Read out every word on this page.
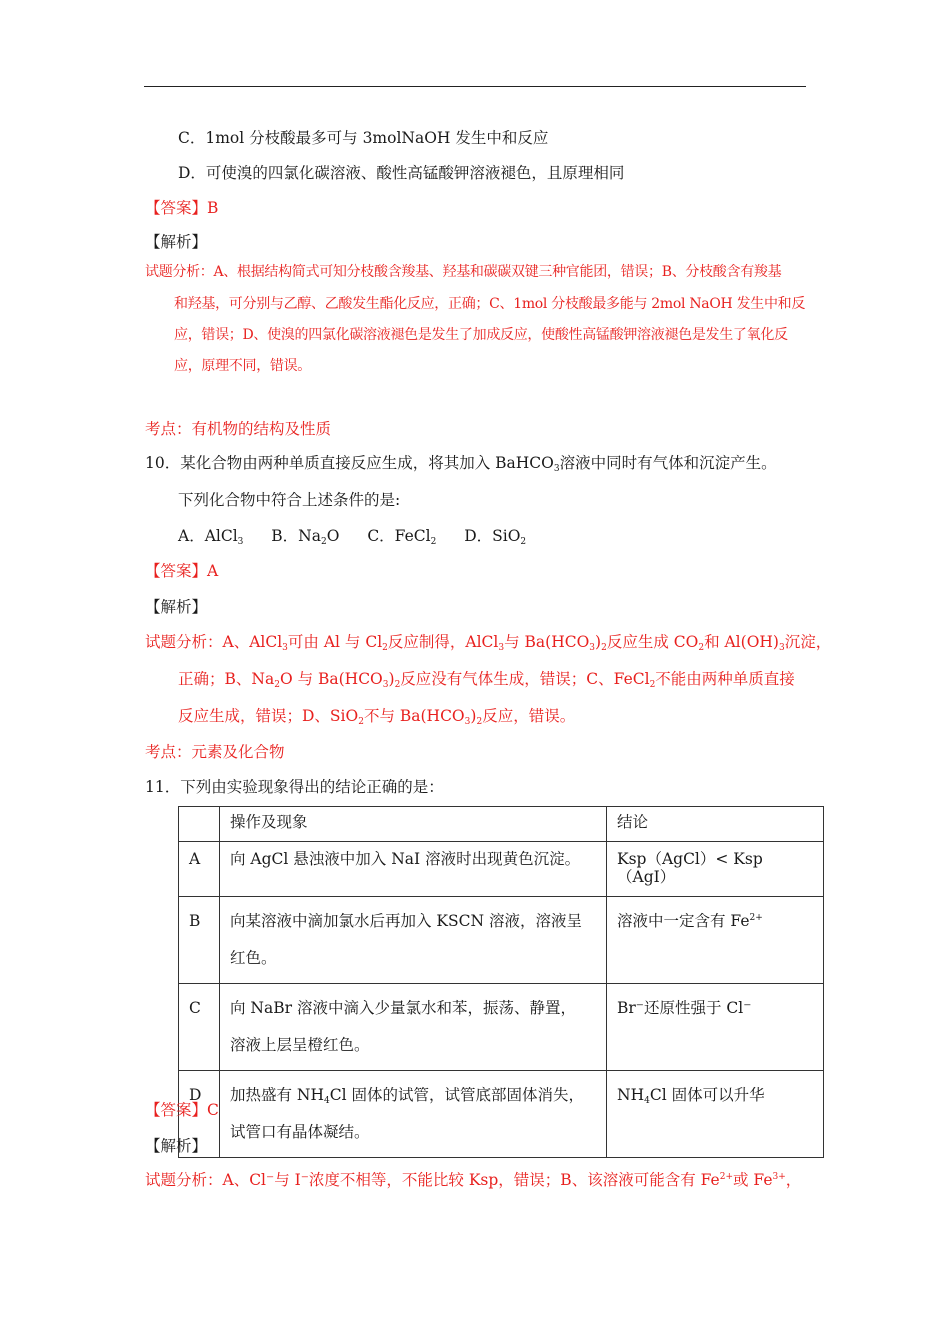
C．1mol 分枝酸最多可与 3molNaOH 发生中和反应
D．可使溴的四氯化碳溶液、酸性高锰酸钾溶液褪色，且原理相同
【答案】B
【解析】
试题分析：A、根据结构简式可知分枝酸含羧基、羟基和碳碳双键三种官能团，错误；B、分枝酸含有羧基
和羟基，可分别与乙醇、乙酸发生酯化反应，正确；C、1mol 分枝酸最多能与 2mol NaOH 发生中和反
应，错误；D、使溴的四氯化碳溶液褪色是发生了加成反应，使酸性高锰酸钾溶液褪色是发生了氧化反
应，原理不同，错误。
考点：有机物的结构及性质
10．某化合物由两种单质直接反应生成，将其加入 BaHCO$_3$溶液中同时有气体和沉淀产生。
下列化合物中符合上述条件的是:
A．AlCl$_3$ B．$Na_2O$ C．FeCl$_2$ D．SiO$_2$
【答案】A
【解析】
试题分析：A、AlCl$_3$可由 Al 与 $Cl_2$反应制得，AlCl$_3$与 $Ba(HCO_3)_2$反应生成 $CO_2$和 $Al(OH)_3$沉淀，
正确；B、$Na_2O$ 与 $Ba(HCO_3)_2$反应没有气体生成，错误；C、FeCl$_2$不能由两种单质直接
反应生成，错误；D、SiO$_2$不与 $Ba(HCO_3)_2$反应，错误。
考点：元素及化合物
11．下列由实验现象得出的结论正确的是：
	操作及现象	结论
A	向 AgCl 悬浊液中加入 NaI 溶液时出现黄色沉淀。	Ksp（AgCl）< Ksp（AgI）
B	向某溶液中滴加氯水后再加入 KSCN 溶液，溶液呈
红色。	溶液中一定含有 $Fe^{2+}$
C	向 NaBr 溶液中滴入少量氯水和苯，振荡、静置，
溶液上层呈橙红色。	Br⁻还原性强于 Cl⁻
D	加热盛有 $NH_4Cl$ 固体的试管，试管底部固体消失，
试管口有晶体凝结。	$NH_4Cl$ 固体可以升华
【答案】C
【解析】
试题分析：A、Cl⁻与 I⁻浓度不相等，不能比较 Ksp，错误；B、该溶液可能含有 $Fe^{2+}$或 $Fe^{3+}$，
